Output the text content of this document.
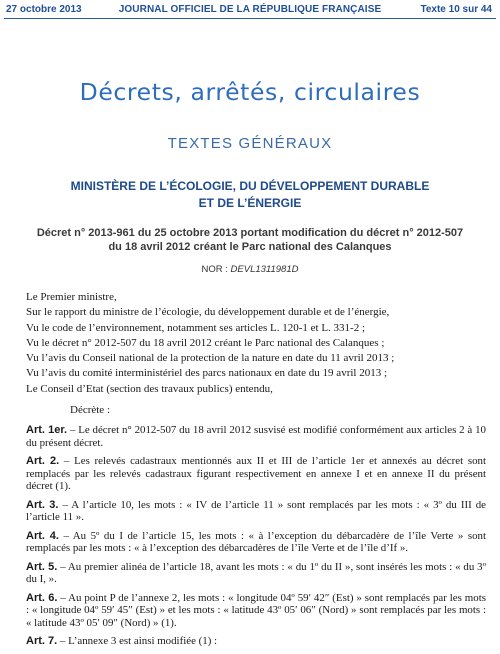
27 octobre 2013	JOURNAL OFFICIEL DE LA RÉPUBLIQUE FRANÇAISE	Texte 10 sur 44
Décrets, arrêtés, circulaires
TEXTES GÉNÉRAUX
MINISTÈRE DE L’ÉCOLOGIE, DU DÉVELOPPEMENT DURABLE
ET DE L’ÉNERGIE
Décret n° 2013-961 du 25 octobre 2013 portant modification du décret n° 2012-507
du 18 avril 2012 créant le Parc national des Calanques
NOR : DEVL1311981D

Le Premier ministre,

Sur le rapport du ministre de l’écologie, du développement durable et de l’énergie,

Vu le code de l’environnement, notamment ses articles L. 120-1 et L. 331-2 ;

Vu le décret n° 2012-507 du 18 avril 2012 créant le Parc national des Calanques ;

Vu l’avis du Conseil national de la protection de la nature en date du 11 avril 2013 ;

Vu l’avis du comité interministériel des parcs nationaux en date du 19 avril 2013 ;

Le Conseil d’Etat (section des travaux publics) entendu,

Décrète :

Art. 1er. – Le décret n° 2012-507 du 18 avril 2012 susvisé est modifié conformément aux articles 2 à 10 du présent décret.

Art. 2. – Les relevés cadastraux mentionnés aux II et III de l’article 1er et annexés au décret sont remplacés par les relevés cadastraux figurant respectivement en annexe I et en annexe II du présent décret (1).

Art. 3. – A l’article 10, les mots : « IV de l’article 11 » sont remplacés par les mots : « 3º du III de l’article 11 ».

Art. 4. – Au 5º du I de l’article 15, les mots : « à l’exception du débarcadère de l’île Verte » sont remplacés par les mots : « à l’exception des débarcadères de l’île Verte et de l’île d’If ».

Art. 5. – Au premier alinéa de l’article 18, avant les mots : « du 1º du II », sont insérés les mots : « du 3º du I, ».

Art. 6. – Au point P de l’annexe 2, les mots : « longitude 04º 59′ 42″ (Est) » sont remplacés par les mots : « longitude 04º 59′ 45″ (Est) » et les mots : « latitude 43º 05′ 06″ (Nord) » sont remplacés par les mots : « latitude 43º 05′ 09″ (Nord) » (1).

Art. 7. – L’annexe 3 est ainsi modifiée (1) :
